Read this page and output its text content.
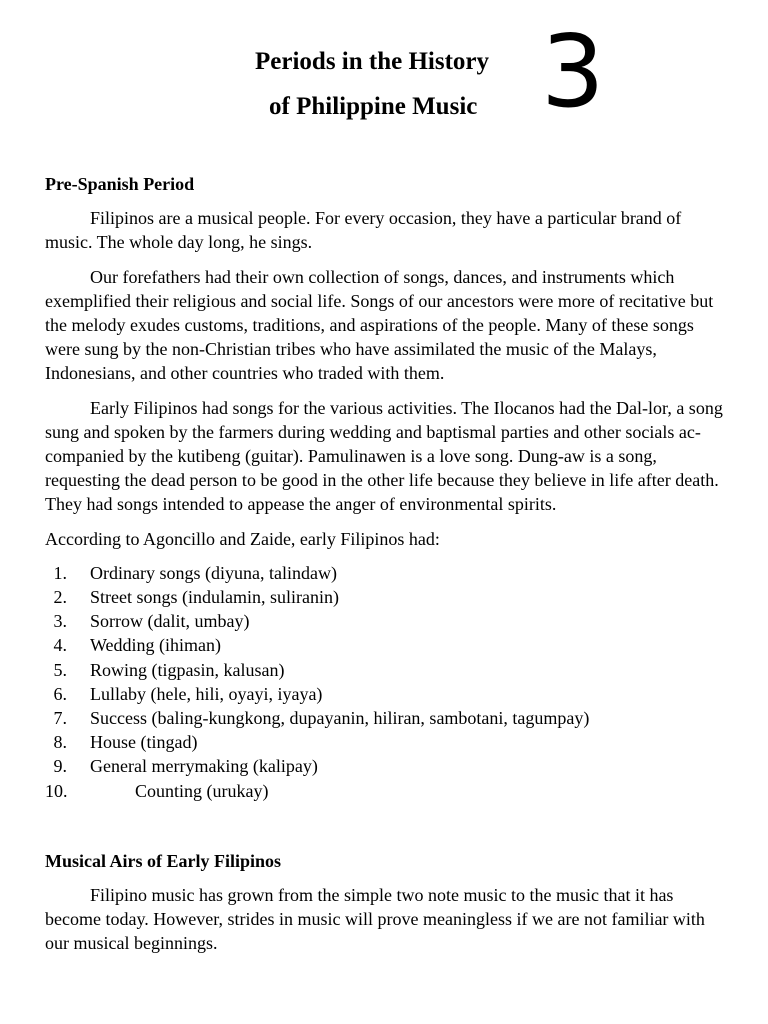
Periods in the History
of Philippine Music 3
Pre-Spanish Period

Filipinos are a musical people. For every occasion, they have a particular brand of music. The whole day long, he sings.

Our forefathers had their own collection of songs, dances, and instruments which exemplified their religious and social life. Songs of our ancestors were more of recitative but the melody exudes customs, traditions, and aspirations of the people. Many of these songs were sung by the non-Christian tribes who have assimilated the music of the Malays, Indonesians, and other countries who traded with them.

Early Filipinos had songs for the various activities. The Ilocanos had the Dal-lor, a song sung and spoken by the farmers during wedding and baptismal parties and other socials ac- companied by the kutibeng (guitar). Pamulinawen is a love song. Dung-aw is a song, requesting the dead person to be good in the other life because they believe in life after death. They had songs intended to appease the anger of environmental spirits.

According to Agoncillo and Zaide, early Filipinos had:

1.	Ordinary songs (diyuna, talindaw)
2.	Street songs (indulamin, suliranin)
3.	Sorrow (dalit, umbay)
4.	Wedding (ihiman)
5.	Rowing (tigpasin, kalusan)
6.	Lullaby (hele, hili, oyayi, iyaya)
7.	Success (baling-kungkong, dupayanin, hiliran, sambotani, tagumpay)
8.	House (tingad)
9.	General merrymaking (kalipay)
10.	Counting (urukay)
Musical Airs of Early Filipinos

Filipino music has grown from the simple two note music to the music that it has become today. However, strides in music will prove meaningless if we are not familiar with our musical beginnings.
